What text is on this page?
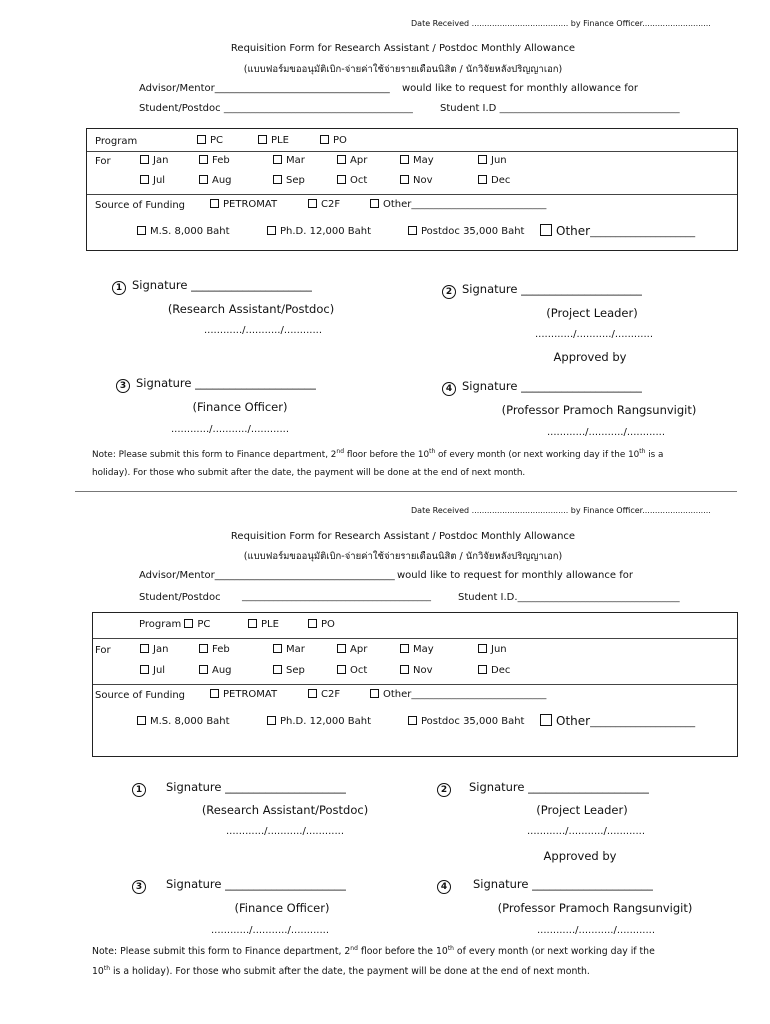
Date Received ...................................... by Finance Officer...........................
Requisition Form for Research Assistant / Postdoc Monthly Allowance
(แบบฟอร์มขออนุมัติเบิก-จ่ายค่าใช้จ่ายรายเดือนนิสิต / นักวิจัยหลังปริญญาเอก)
Advisor/Mentor___________________________________ would like to request for monthly allowance for
Student/Postdoc __________________________________________	Student I.D ________________________________________
Program	PC	PLE	PO
For	Jan	Feb	Mar	Apr	May	Jun
Jul	Aug	Sep	Oct	Nov	Dec
Source of Funding	PETROMAT	C2F	Other______________________________
M.S. 8,000 Baht	Ph.D. 12,000 Baht	Postdoc 35,000 Baht	Other_____________________
1 Signature _____________________
(Research Assistant/Postdoc)
............/.........../............
2 Signature _____________________
(Project Leader)
............/.........../............
Approved by
3 Signature _____________________
(Finance Officer)
............/.........../............
4 Signature _____________________
(Professor Pramoch Rangsunvigit)
............/.........../............
Note: Please submit this form to Finance department, 2nd floor before the 10th of every month (or next working day if the 10th is a
holiday). For those who submit after the date, the payment will be done at the end of next month.
Date Received ...................................... by Finance Officer...........................
Requisition Form for Research Assistant / Postdoc Monthly Allowance
(แบบฟอร์มขออนุมัติเบิก-จ่ายค่าใช้จ่ายรายเดือนนิสิต / นักวิจัยหลังปริญญาเอก)
Advisor/Mentor____________________________________ would like to request for monthly allowance for
Student/Postdoc __________________________________________	Student I.D.____________________________________
Program PC	PLE	PO
For	Jan	Feb	Mar	Apr	May	Jun
Jul	Aug	Sep	Oct	Nov	Dec
Source of Funding	PETROMAT	C2F	Other______________________________
M.S. 8,000 Baht	Ph.D. 12,000 Baht	Postdoc 35,000 Baht	Other_____________________
1 Signature _____________________
(Research Assistant/Postdoc)
............/.........../............
2 Signature _____________________
(Project Leader)
............/.........../............
Approved by
3 Signature _____________________
(Finance Officer)
............/.........../............
4 Signature _____________________
(Professor Pramoch Rangsunvigit)
............/.........../............
Note: Please submit this form to Finance department, 2nd floor before the 10th of every month (or next working day if the
10th is a holiday). For those who submit after the date, the payment will be done at the end of next month.
